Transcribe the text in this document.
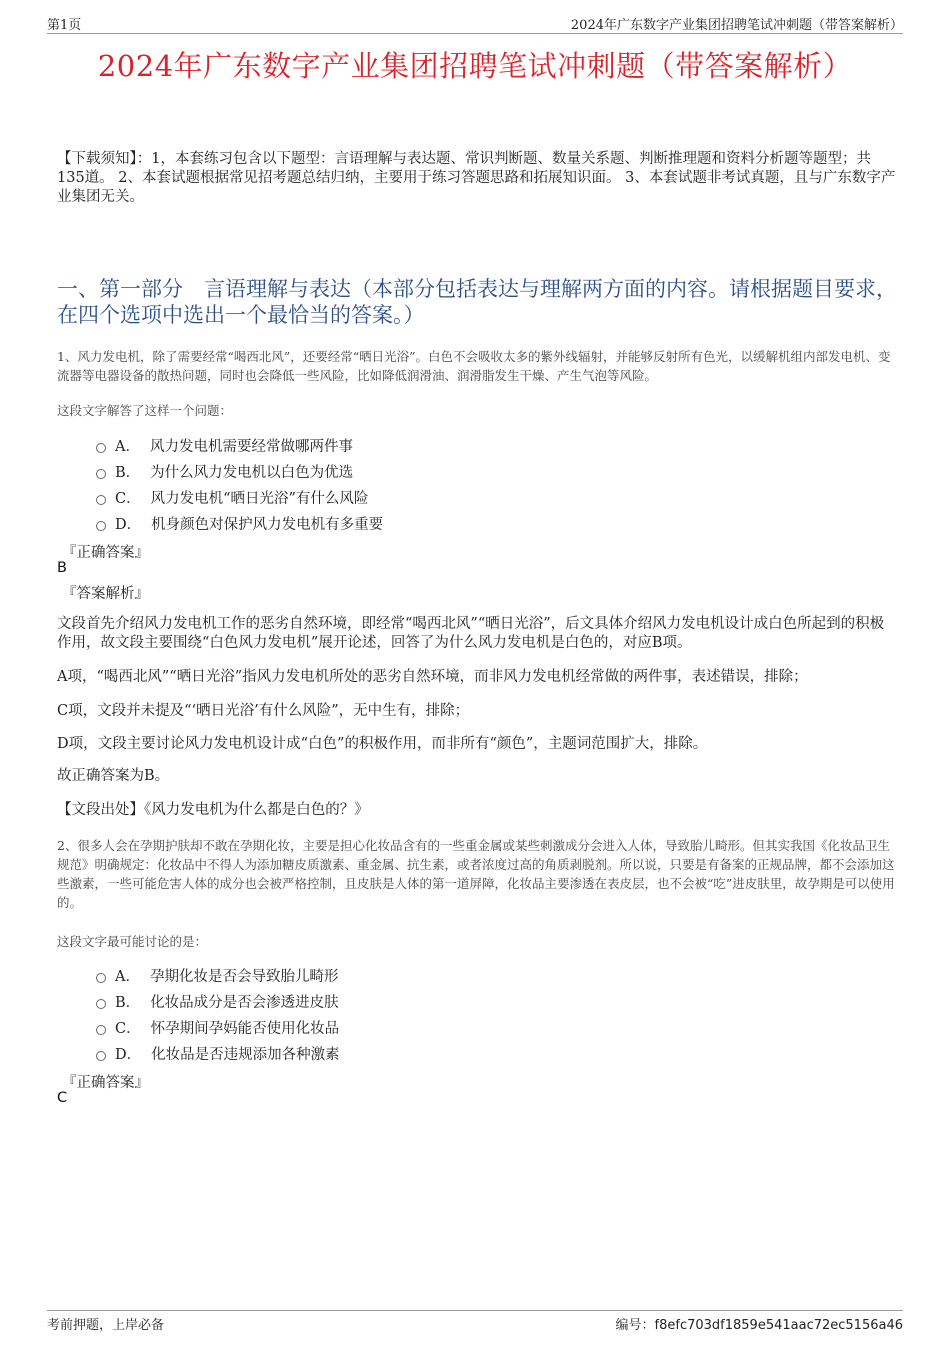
第1页	2024年广东数字产业集团招聘笔试冲刺题（带答案解析）
2024年广东数字产业集团招聘笔试冲刺题（带答案解析）
【下载须知】：1，本套练习包含以下题型：言语理解与表达题、常识判断题、数量关系题、判断推理题和资料分析题等题型；共135道。 2、本套试题根据常见招考题总结归纳，主要用于练习答题思路和拓展知识面。 3、本套试题非考试真题，且与广东数字产业集团无关。
一、第一部分　言语理解与表达（本部分包括表达与理解两方面的内容。请根据题目要求，在四个选项中选出一个最恰当的答案。）
1、风力发电机，除了需要经常“喝西北风”，还要经常“晒日光浴”。白色不会吸收太多的紫外线辐射，并能够反射所有色光，以缓解机组内部发电机、变流器等电器设备的散热问题，同时也会降低一些风险，比如降低润滑油、润滑脂发生干燥、产生气泡等风险。
这段文字解答了这样一个问题：
A． 风力发电机需要经常做哪两件事
B． 为什么风力发电机以白色为优选
C． 风力发电机“晒日光浴”有什么风险
D． 机身颜色对保护风力发电机有多重要
『正确答案』
B
『答案解析』
文段首先介绍风力发电机工作的恶劣自然环境，即经常“喝西北风”“晒日光浴”，后文具体介绍风力发电机设计成白色所起到的积极作用，故文段主要围绕“白色风力发电机”展开论述，回答了为什么风力发电机是白色的，对应B项。
A项，“喝西北风”“晒日光浴”指风力发电机所处的恶劣自然环境，而非风力发电机经常做的两件事，表述错误，排除；
C项，文段并未提及“‘晒日光浴’有什么风险”，无中生有，排除；
D项，文段主要讨论风力发电机设计成“白色”的积极作用，而非所有“颜色”，主题词范围扩大，排除。
故正确答案为B。
【文段出处】《风力发电机为什么都是白色的？》
2、很多人会在孕期护肤却不敢在孕期化妆，主要是担心化妆品含有的一些重金属或某些刺激成分会进入人体，导致胎儿畸形。但其实我国《化妆品卫生规范》明确规定：化妆品中不得人为添加糖皮质激素、重金属、抗生素，或者浓度过高的角质剥脱剂。所以说，只要是有备案的正规品牌，都不会添加这些激素，一些可能危害人体的成分也会被严格控制，且皮肤是人体的第一道屏障，化妆品主要渗透在表皮层，也不会被“吃”进皮肤里，故孕期是可以使用的。
这段文字最可能讨论的是：
A． 孕期化妆是否会导致胎儿畸形
B． 化妆品成分是否会渗透进皮肤
C． 怀孕期间孕妈能否使用化妆品
D． 化妆品是否违规添加各种激素
『正确答案』
C
考前押题，上岸必备	编号：f8efc703df1859e541aac72ec5156a46
